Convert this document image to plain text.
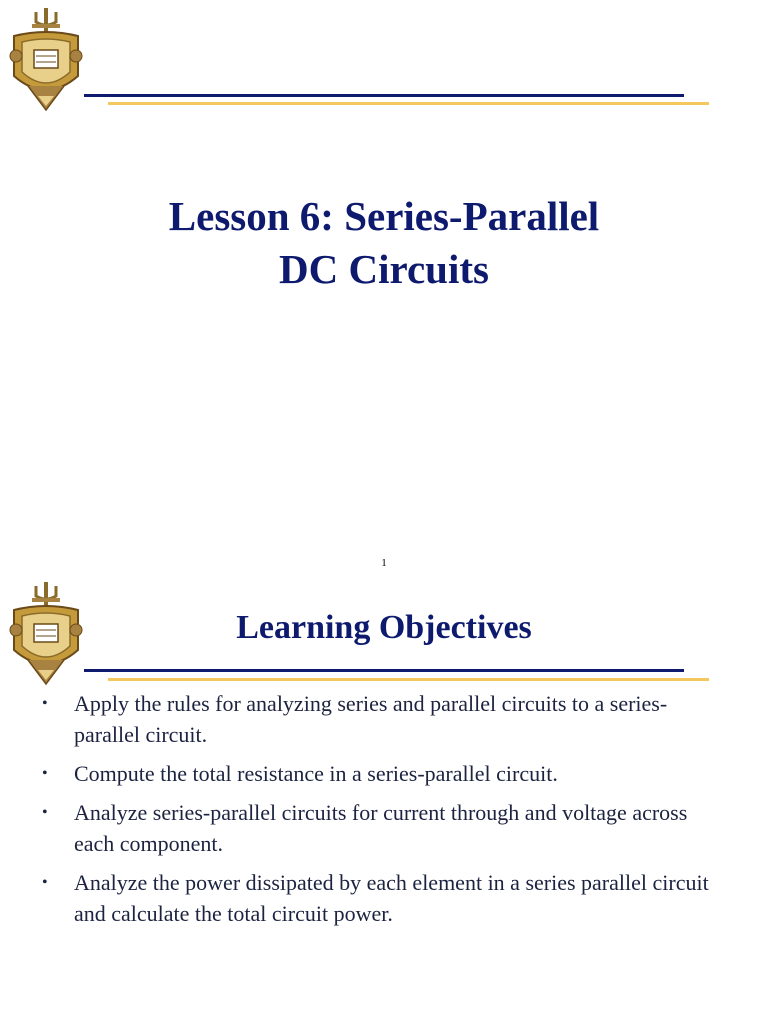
Lesson 6: Series-Parallel
DC Circuits
1
Learning Objectives
• Apply the rules for analyzing series and parallel circuits to a series-parallel circuit.
• Compute the total resistance in a series-parallel circuit.
• Analyze series-parallel circuits for current through and voltage across each component.
• Analyze the power dissipated by each element in a series parallel circuit and calculate the total circuit power.
